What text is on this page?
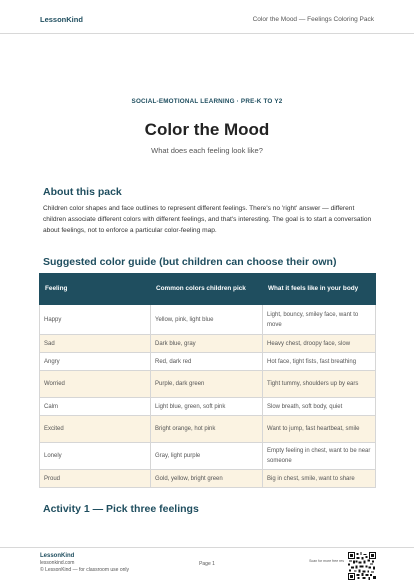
LessonKind	Color the Mood — Feelings Coloring Pack
SOCIAL-EMOTIONAL LEARNING · PRE-K TO Y2
Color the Mood
What does each feeling look like?
About this pack
Children color shapes and face outlines to represent different feelings. There's no 'right' answer — different children associate different colors with different feelings, and that's interesting. The goal is to start a conversation about feelings, not to enforce a particular color-feeling map.
Suggested color guide (but children can choose their own)
Feeling	Common colors children pick	What it feels like in your body
Happy	Yellow, pink, light blue	Light, bouncy, smiley face, want to move
Sad	Dark blue, gray	Heavy chest, droopy face, slow
Angry	Red, dark red	Hot face, tight fists, fast breathing
Worried	Purple, dark green	Tight tummy, shoulders up by ears
Calm	Light blue, green, soft pink	Slow breath, soft body, quiet
Excited	Bright orange, hot pink	Want to jump, fast heartbeat, smile
Lonely	Gray, light purple	Empty feeling in chest, want to be near someone
Proud	Gold, yellow, bright green	Big in chest, smile, want to share
Activity 1 — Pick three feelings
LessonKind
lessonkind.com
© LessonKind — for classroom use only
Page 1	Scan for more free res
